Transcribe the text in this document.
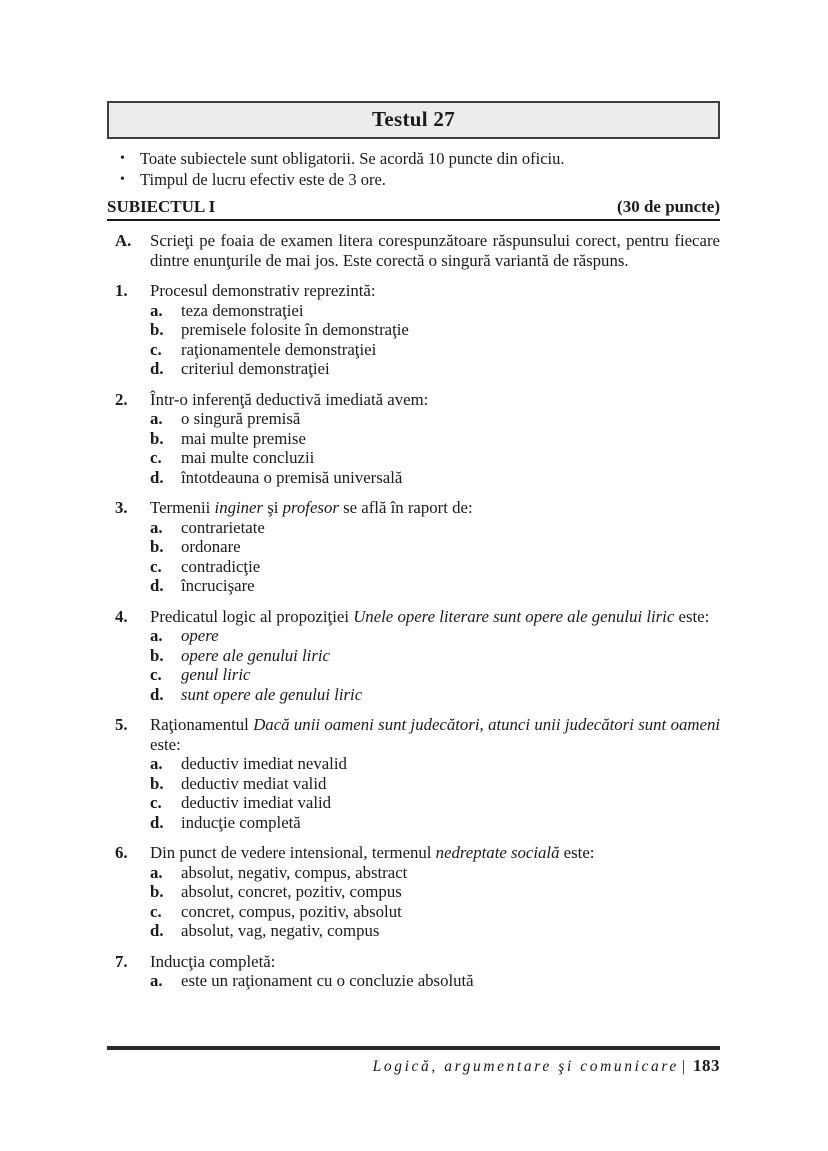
Testul 27
• Toate subiectele sunt obligatorii. Se acordă 10 puncte din oficiu.
• Timpul de lucru efectiv este de 3 ore.
SUBIECTUL I	(30 de puncte)
A.	Scrieţi pe foaia de examen litera corespunzătoare răspunsului corect, pentru fiecare dintre enunţurile de mai jos. Este corectă o singură variantă de răspuns.
1.	Procesul demonstrativ reprezintă:
a.	teza demonstraţiei
b.	premisele folosite în demonstraţie
c.	raţionamentele demonstraţiei
d.	criteriul demonstraţiei
2.	Într-o inferenţă deductivă imediată avem:
a.	o singură premisă
b.	mai multe premise
c.	mai multe concluzii
d.	întotdeauna o premisă universală
3.	Termenii inginer şi profesor se află în raport de:
a.	contrarietate
b.	ordonare
c.	contradicţie
d.	încrucişare
4.	Predicatul logic al propoziţiei Unele opere literare sunt opere ale genului liric este:
a.	opere
b.	opere ale genului liric
c.	genul liric
d.	sunt opere ale genului liric
5.	Raţionamentul Dacă unii oameni sunt judecători, atunci unii judecători sunt oameni este:
a.	deductiv imediat nevalid
b.	deductiv mediat valid
c.	deductiv imediat valid
d.	inducţie completă
6.	Din punct de vedere intensional, termenul nedreptate socială este:
a.	absolut, negativ, compus, abstract
b.	absolut, concret, pozitiv, compus
c.	concret, compus, pozitiv, absolut
d.	absolut, vag, negativ, compus
7.	Inducţia completă:
a.	este un raţionament cu o concluzie absolută
Logică, argumentare şi comunicare | 183
